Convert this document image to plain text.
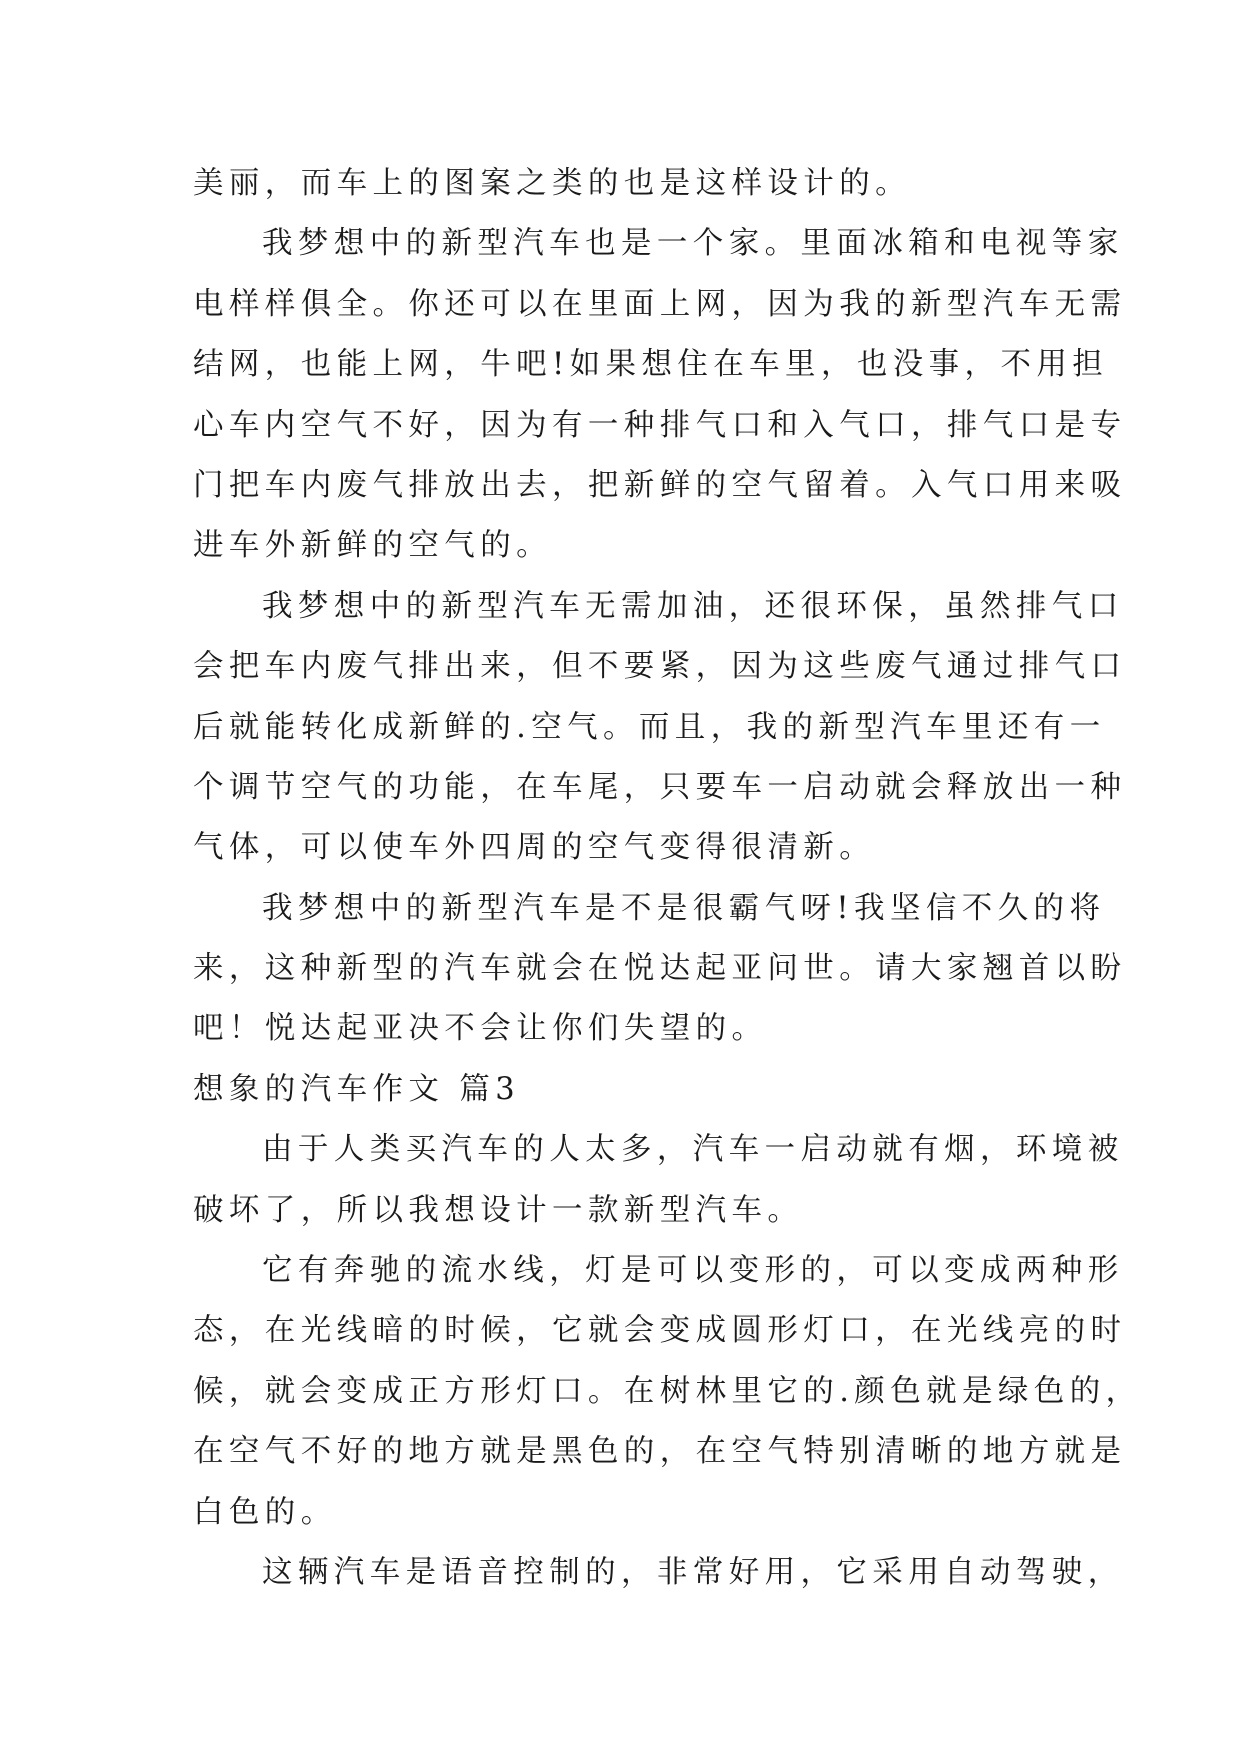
美丽，而车上的图案之类的也是这样设计的。
我梦想中的新型汽车也是一个家。里面冰箱和电视等家
电样样俱全。你还可以在里面上网，因为我的新型汽车无需
结网，也能上网，牛吧!如果想住在车里，也没事，不用担
心车内空气不好，因为有一种排气口和入气口，排气口是专
门把车内废气排放出去，把新鲜的空气留着。入气口用来吸
进车外新鲜的空气的。
我梦想中的新型汽车无需加油，还很环保，虽然排气口
会把车内废气排出来，但不要紧，因为这些废气通过排气口
后就能转化成新鲜的.空气。而且，我的新型汽车里还有一
个调节空气的功能，在车尾，只要车一启动就会释放出一种
气体，可以使车外四周的空气变得很清新。
我梦想中的新型汽车是不是很霸气呀!我坚信不久的将
来，这种新型的汽车就会在悦达起亚问世。请大家翘首以盼
吧！悦达起亚决不会让你们失望的。
想象的汽车作文 篇3
由于人类买汽车的人太多，汽车一启动就有烟，环境被
破坏了，所以我想设计一款新型汽车。
它有奔驰的流水线，灯是可以变形的，可以变成两种形
态，在光线暗的时候，它就会变成圆形灯口，在光线亮的时
候，就会变成正方形灯口。在树林里它的.颜色就是绿色的，
在空气不好的地方就是黑色的，在空气特别清晰的地方就是
白色的。
这辆汽车是语音控制的，非常好用，它采用自动驾驶，
